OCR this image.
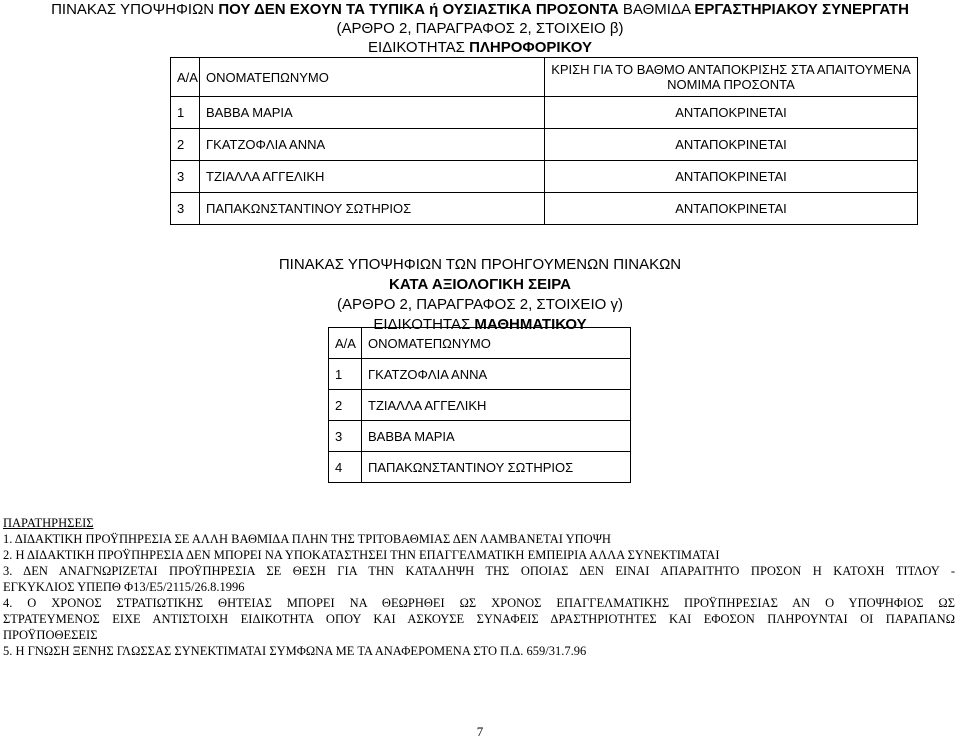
ΠΙΝΑΚΑΣ ΥΠΟΨΗΦΙΩΝ ΠΟΥ ΔΕΝ ΕΧΟΥΝ ΤΑ ΤΥΠΙΚΑ ή ΟΥΣΙΑΣΤΙΚΑ ΠΡΟΣΟΝΤΑ ΒΑΘΜΙΔΑ ΕΡΓΑΣΤΗΡΙΑΚΟΥ ΣΥΝΕΡΓΑΤΗ
(ΑΡΘΡΟ 2, ΠΑΡΑΓΡΑΦΟΣ 2, ΣΤΟΙΧΕΙΟ β)
ΕΙΔΙΚΟΤΗΤΑΣ ΠΛΗΡΟΦΟΡΙΚΟΥ
Α/Α	ΟΝΟΜΑΤΕΠΩΝΥΜΟ	ΚΡΙΣΗ ΓΙΑ ΤΟ ΒΑΘΜΟ ΑΝΤΑΠΟΚΡΙΣΗΣ ΣΤΑ ΑΠΑΙΤΟΥΜΕΝΑ ΝΟΜΙΜΑ ΠΡΟΣΟΝΤΑ
1	ΒΑΒΒΑ ΜΑΡΙΑ	ΑΝΤΑΠΟΚΡΙΝΕΤΑΙ
2	ΓΚΑΤΖΟΦΛΙΑ ΑΝΝΑ	ΑΝΤΑΠΟΚΡΙΝΕΤΑΙ
3	ΤΖΙΑΛΛΑ ΑΓΓΕΛΙΚΗ	ΑΝΤΑΠΟΚΡΙΝΕΤΑΙ
3	ΠΑΠΑΚΩΝΣΤΑΝΤΙΝΟΥ ΣΩΤΗΡΙΟΣ	ΑΝΤΑΠΟΚΡΙΝΕΤΑΙ
ΠΙΝΑΚΑΣ ΥΠΟΨΗΦΙΩΝ ΤΩΝ ΠΡΟΗΓΟΥΜΕΝΩΝ ΠΙΝΑΚΩΝ
ΚΑΤΑ ΑΞΙΟΛΟΓΙΚΗ ΣΕΙΡΑ
(ΑΡΘΡΟ 2, ΠΑΡΑΓΡΑΦΟΣ 2, ΣΤΟΙΧΕΙΟ γ)
ΕΙΔΙΚΟΤΗΤΑΣ ΜΑΘΗΜΑΤΙΚΟΥ
Α/Α	ΟΝΟΜΑΤΕΠΩΝΥΜΟ
1	ΓΚΑΤΖΟΦΛΙΑ ΑΝΝΑ
2	ΤΖΙΑΛΛΑ ΑΓΓΕΛΙΚΗ
3	ΒΑΒΒΑ ΜΑΡΙΑ
4	ΠΑΠΑΚΩΝΣΤΑΝΤΙΝΟΥ ΣΩΤΗΡΙΟΣ
ΠΑΡΑΤΗΡΗΣΕΙΣ
1. ΔΙΔΑΚΤΙΚΗ ΠΡΟΫΠΗΡΕΣΙΑ ΣΕ ΑΛΛΗ ΒΑΘΜΙΔΑ ΠΛΗΝ ΤΗΣ ΤΡΙΤΟΒΑΘΜΙΑΣ ΔΕΝ ΛΑΜΒΑΝΕΤΑΙ ΥΠΟΨΗ
2. Η ΔΙΔΑΚΤΙΚΗ ΠΡΟΫΠΗΡΕΣΙΑ ΔΕΝ ΜΠΟΡΕΙ ΝΑ ΥΠΟΚΑΤΑΣΤΗΣΕΙ ΤΗΝ ΕΠΑΓΓΕΛΜΑΤΙΚΗ ΕΜΠΕΙΡΙΑ ΑΛΛΑ ΣΥΝΕΚΤΙΜΑΤΑΙ
3. ΔΕΝ ΑΝΑΓΝΩΡΙΖΕΤΑΙ ΠΡΟΫΠΗΡΕΣΙΑ ΣΕ ΘΕΣΗ ΓΙΑ ΤΗΝ ΚΑΤΑΛΗΨΗ ΤΗΣ ΟΠΟΙΑΣ ΔΕΝ ΕΙΝΑΙ ΑΠΑΡΑΙΤΗΤΟ ΠΡΟΣΟΝ Η ΚΑΤΟΧΗ ΤΙΤΛΟΥ -
ΕΓΚΥΚΛΙΟΣ ΥΠΕΠΘ Φ13/Ε5/2115/26.8.1996
4. Ο ΧΡΟΝΟΣ ΣΤΡΑΤΙΩΤΙΚΗΣ ΘΗΤΕΙΑΣ ΜΠΟΡΕΙ ΝΑ ΘΕΩΡΗΘΕΙ ΩΣ ΧΡΟΝΟΣ ΕΠΑΓΓΕΛΜΑΤΙΚΗΣ ΠΡΟΫΠΗΡΕΣΙΑΣ ΑΝ Ο ΥΠΟΨΗΦΙΟΣ ΩΣ
ΣΤΡΑΤΕΥΜΕΝΟΣ ΕΙΧΕ ΑΝΤΙΣΤΟΙΧΗ ΕΙΔΙΚΟΤΗΤΑ ΟΠΟΥ ΚΑΙ ΑΣΚΟΥΣΕ ΣΥΝΑΦΕΙΣ ΔΡΑΣΤΗΡΙΟΤΗΤΕΣ ΚΑΙ ΕΦΟΣΟΝ ΠΛΗΡΟΥΝΤΑΙ ΟΙ ΠΑΡΑΠΑΝΩ
ΠΡΟΫΠΟΘΕΣΕΙΣ
5. Η ΓΝΩΣΗ ΞΕΝΗΣ ΓΛΩΣΣΑΣ ΣΥΝΕΚΤΙΜΑΤΑΙ ΣΥΜΦΩΝΑ ΜΕ ΤΑ ΑΝΑΦΕΡΟΜΕΝΑ ΣΤΟ Π.Δ. 659/31.7.96
7
